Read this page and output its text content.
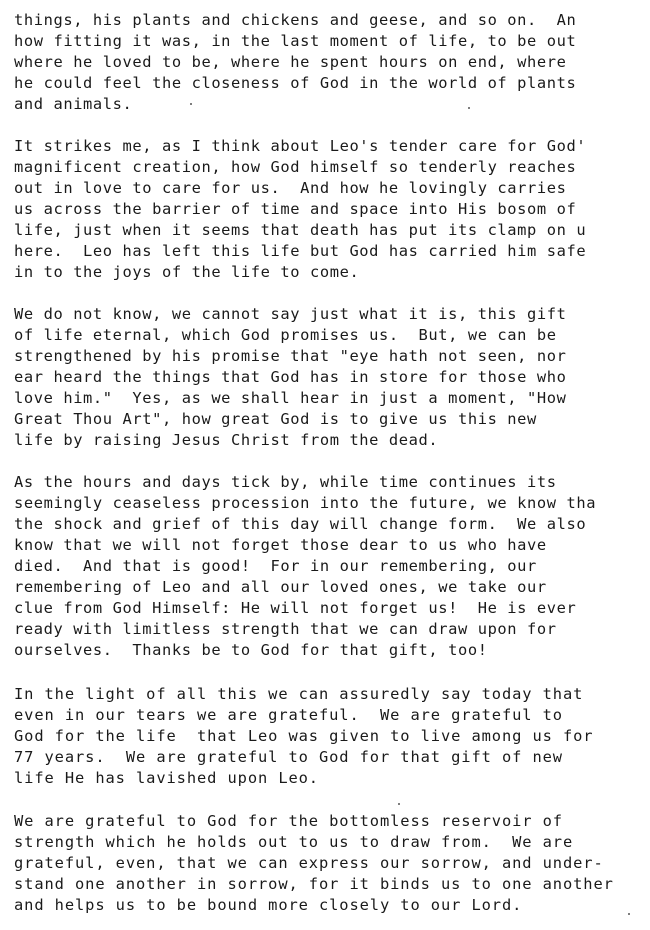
things, his plants and chickens and geese, and so on.  An
how fitting it was, in the last moment of life, to be out
where he loved to be, where he spent hours on end, where
he could feel the closeness of God in the world of plants
and animals.
It strikes me, as I think about Leo's tender care for God'
magnificent creation, how God himself so tenderly reaches
out in love to care for us.  And how he lovingly carries
us across the barrier of time and space into His bosom of
life, just when it seems that death has put its clamp on u
here.  Leo has left this life but God has carried him safe
in to the joys of the life to come.
We do not know, we cannot say just what it is, this gift
of life eternal, which God promises us.  But, we can be
strengthened by his promise that "eye hath not seen, nor
ear heard the things that God has in store for those who
love him."  Yes, as we shall hear in just a moment, "How
Great Thou Art", how great God is to give us this new
life by raising Jesus Christ from the dead.
As the hours and days tick by, while time continues its
seemingly ceaseless procession into the future, we know tha
the shock and grief of this day will change form.  We also
know that we will not forget those dear to us who have
died.  And that is good!  For in our remembering, our
remembering of Leo and all our loved ones, we take our
clue from God Himself: He will not forget us!  He is ever
ready with limitless strength that we can draw upon for
ourselves.  Thanks be to God for that gift, too!
In the light of all this we can assuredly say today that
even in our tears we are grateful.  We are grateful to
God for the life  that Leo was given to live among us for
77 years.  We are grateful to God for that gift of new
life He has lavished upon Leo.
We are grateful to God for the bottomless reservoir of
strength which he holds out to us to draw from.  We are
grateful, even, that we can express our sorrow, and under-
stand one another in sorrow, for it binds us to one another
and helps us to be bound more closely to our Lord.
